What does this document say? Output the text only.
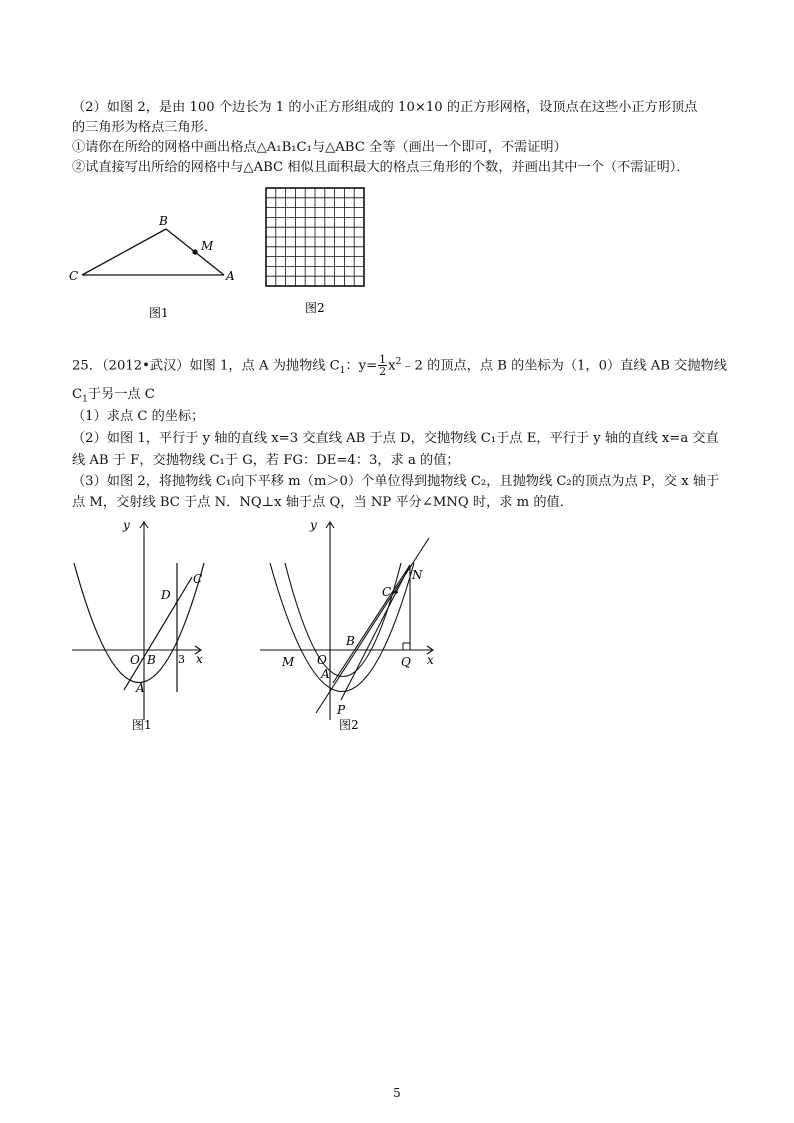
（2）如图 2，是由 100 个边长为 1 的小正方形组成的 10×10 的正方形网格，设顶点在这些小正方形顶点
的三角形为格点三角形．
①请你在所给的网格中画出格点△A₁B₁C₁与△ABC 全等（画出一个即可，不需证明）
②试直接写出所给的网格中与△ABC 相似且面积最大的格点三角形的个数，并画出其中一个（不需证明）．
B
M
C	A
图1	图2
25．（2012•武汉）如图 1，点 A 为抛物线 $C_1$：$y= \frac{1}{2}$ $x^2﹣2$ 的顶点，点 B 的坐标为（1，0）直线 AB 交抛物线
$C_1$于另一点 C
（1）求点 C 的坐标；
（2）如图 1，平行于 y 轴的直线 x=3 交直线 AB 于点 D，交抛物线 C₁于点 E，平行于 y 轴的直线 x=a 交直
线 AB 于 F，交抛物线 C₁于 G，若 FG：DE=4：3，求 a 的值；
（3）如图 2，将抛物线 C₁向下平移 m（m＞0）个单位得到抛物线 C₂，且抛物线 C₂的顶点为点 P，交 x 轴于
点 M，交射线 BC 于点 N．NQ⊥x 轴于点 Q，当 NP 平分∠MNQ 时，求 m 的值．
y
C
D
O B 3 x
A
图1
y
N
C
B
O
M	Q x
A
P
图2
5
